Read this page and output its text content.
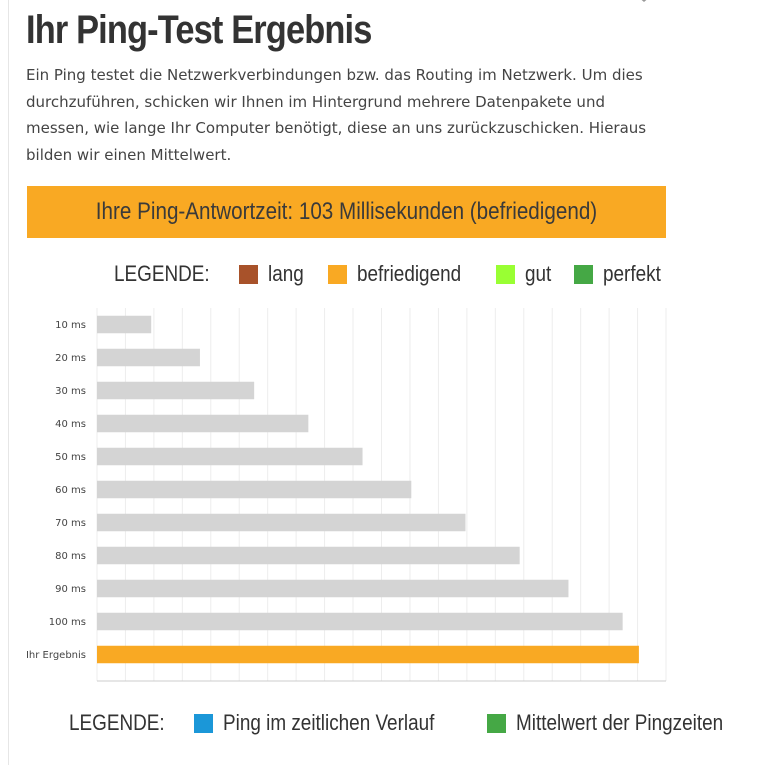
Ihr Ping-Test Ergebnis

Ein Ping testet die Netzwerkverbindungen bzw. das Routing im Netzwerk. Um dies durchzuführen, schicken wir Ihnen im Hintergrund mehrere Datenpakete und messen, wie lange Ihr Computer benötigt, diese an uns zurückzuschicken. Hieraus bilden wir einen Mittelwert.

Ihre Ping-Antwortzeit: 103 Millisekunden (befriedigend)
LEGENDE:	lang befriedigend	gut perfekt
10 ms
20 ms
30 ms
40 ms
50 ms
60 ms
70 ms
80 ms
90 ms
100 ms
Ihr Ergebnis
LEGENDE:	Ping im zeitlichen Verlauf	Mittelwert der Pingzeiten
